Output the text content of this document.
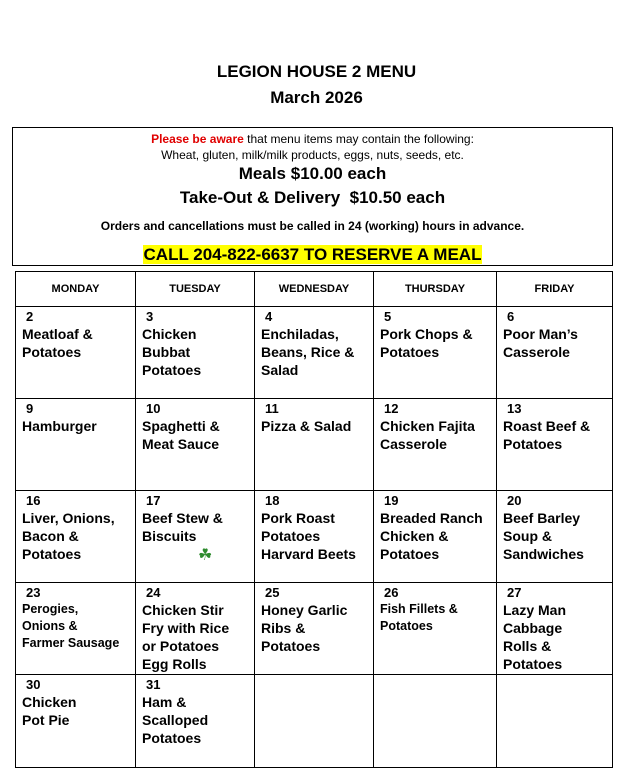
LEGION HOUSE 2 MENU
March 2026
Please be aware that menu items may contain the following:
Wheat, gluten, milk/milk products, eggs, nuts, seeds, etc.
Meals $10.00 each
Take-Out & Delivery  $10.50 each
Orders and cancellations must be called in 24 (working) hours in advance.
CALL 204-822-6637 TO RESERVE A MEAL
MONDAY	TUESDAY	WEDNESDAY	THURSDAY	FRIDAY

2
Meatloaf &
Potatoes	3
Chicken
Bubbat
Potatoes	4
Enchiladas,
Beans, Rice &
Salad	5
Pork Chops &
Potatoes	6
Poor Man’s
Casserole

9
Hamburger	10
Spaghetti &
Meat Sauce	11
Pizza & Salad	12
Chicken Fajita
Casserole	13
Roast Beef &
Potatoes

16
Liver, Onions,
Bacon &
Potatoes	17
Beef Stew &
Biscuits
☘	18
Pork Roast
Potatoes
Harvard Beets	19
Breaded Ranch
Chicken &
Potatoes	20
Beef Barley
Soup &
Sandwiches

23
Perogies,
Onions &
Farmer Sausage	24
Chicken Stir
Fry with Rice
or Potatoes
Egg Rolls	25
Honey Garlic
Ribs &
Potatoes	26
Fish Fillets &
Potatoes	27
Lazy Man
Cabbage
Rolls &
Potatoes

30
Chicken
Pot Pie	31
Ham &
Scalloped
Potatoes			
